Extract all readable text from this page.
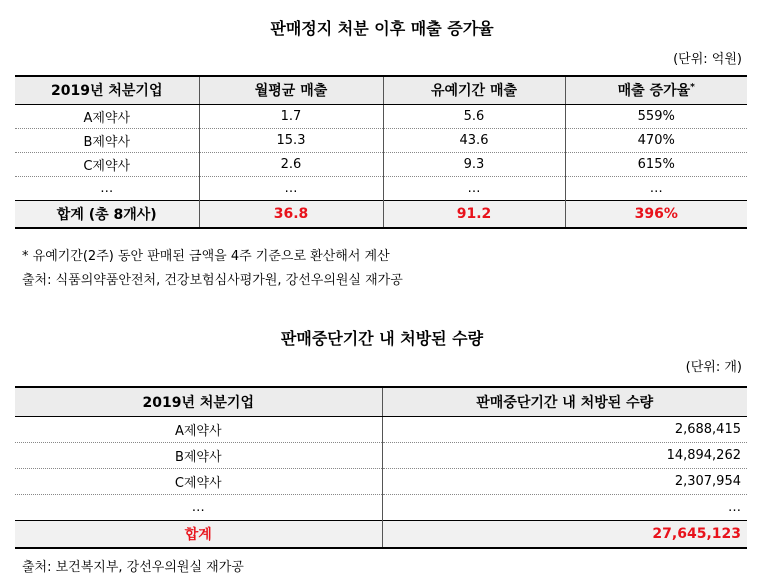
판매정지 처분 이후 매출 증가율
(단위: 억원)
2019년 처분기업	월평균 매출	유예기간 매출	매출 증가율*
A제약사	1.7	5.6	559%
B제약사	15.3	43.6	470%
C제약사	2.6	9.3	615%
…	…	…	…
합계 (총 8개사)	36.8	91.2	396%
* 유예기간(2주) 동안 판매된 금액을 4주 기준으로 환산해서 계산
출처: 식품의약품안전처, 건강보험심사평가원, 강선우의원실 재가공
판매중단기간 내 처방된 수량
(단위: 개)
2019년 처분기업	판매중단기간 내 처방된 수량
A제약사	2,688,415
B제약사	14,894,262
C제약사	2,307,954
…	…
합계	27,645,123
출처: 보건복지부, 강선우의원실 재가공
